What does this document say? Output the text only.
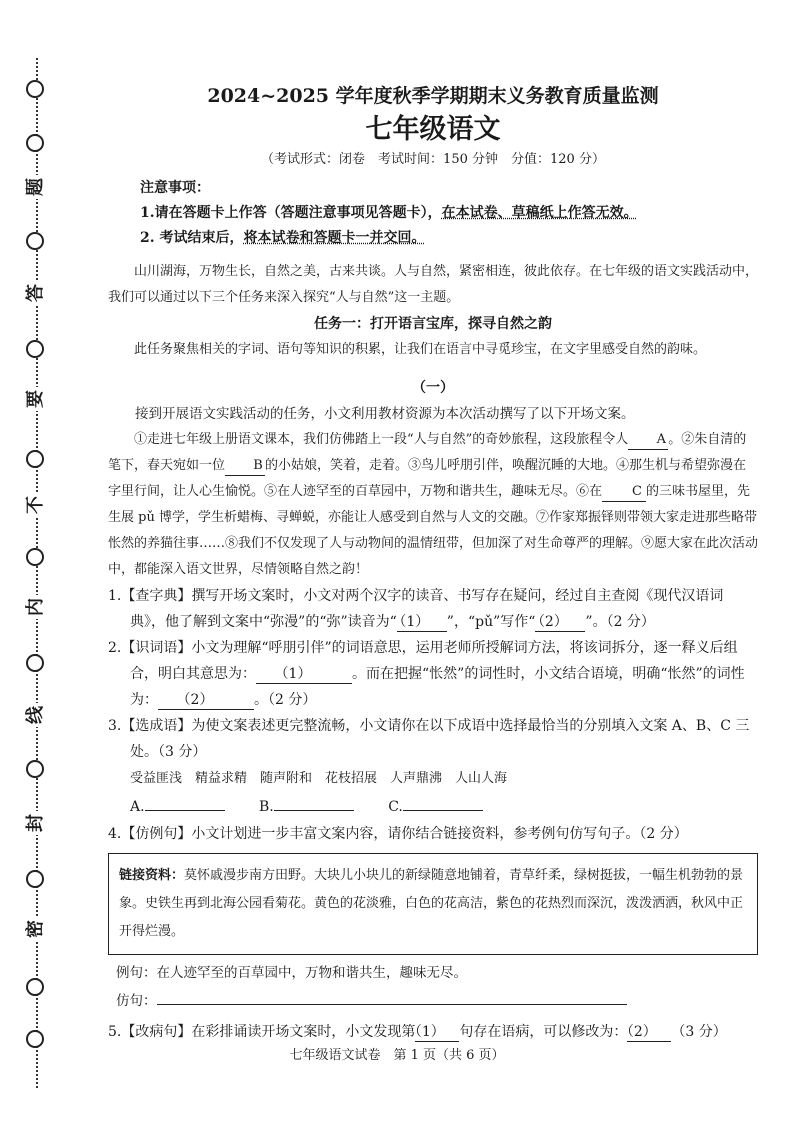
题
答
要
不
内
线
封
密
2024~2025 学年度秋季学期期末义务教育质量监测
七年级语文
（考试形式：闭卷　考试时间：150 分钟　分值：120 分）
注意事项：
1.请在答题卡上作答（答题注意事项见答题卡），在本试卷、草稿纸上作答无效。
2. 考试结束后，将本试卷和答题卡一并交回。

山川湖海，万物生长，自然之美，古来共谈。人与自然，紧密相连，彼此依存。在七年级的语文实践活动中，我们可以通过以下三个任务来深入探究“人与自然”这一主题。

任务一：打开语言宝库，探寻自然之韵

此任务聚焦相关的字词、语句等知识的积累，让我们在语言中寻觅珍宝，在文字里感受自然的韵味。

（一）

接到开展语文实践活动的任务，小文利用教材资源为本次活动撰写了以下开场文案。

①走进七年级上册语文课本，我们仿佛踏上一段“人与自然”的奇妙旅程，这段旅程令人 A 。②朱自清的笔下，春天宛如一位 B 的小姑娘，笑着，走着。③鸟儿呼朋引伴，唤醒沉睡的大地。④那生机与希望弥漫在字里行间，让人心生愉悦。⑤在人迹罕至的百草园中，万物和谐共生，趣味无尽。⑥在 C 的三味书屋里，先生展 pǔ 博学，学生析蜡梅、寻蝉蜕，亦能让人感受到自然与人文的交融。⑦作家郑振铎则带领大家走进那些略带怅然的养猫往事……⑧我们不仅发现了人与动物间的温情纽带，但加深了对生命尊严的理解。⑨愿大家在此次活动中，都能深入语文世界，尽情领略自然之韵！

1.【查字典】撰写开场文案时，小文对两个汉字的读音、书写存在疑问，经过自主查阅《现代汉语词典》，他了解到文案中“弥漫”的“弥”读音为“（1） ”，“pǔ”写作“（2） ”。（2 分）

2.【识词语】小文为理解“呼朋引伴”的词语意思，运用老师所授解词方法，将该词拆分，逐一释义后组合，明白其意思为： （1）	。而在把握“怅然”的词性时，小文结合语境，明确“怅然”的词性为： （2）	。（2 分）

3.【选成语】为使文案表述更完整流畅，小文请你在以下成语中选择最恰当的分别填入文案 A、B、C 三处。（3 分）

受益匪浅　精益求精　随声附和　花枝招展　人声鼎沸　人山人海
A.	B.	C.

4.【仿例句】小文计划进一步丰富文案内容，请你结合链接资料，参考例句仿写句子。（2 分）

链接资料：莫怀戚漫步南方田野。大块儿小块儿的新绿随意地铺着，青草纤柔，绿树挺拔，一幅生机勃勃的景象。史铁生再到北海公园看菊花。黄色的花淡雅，白色的花高洁，紫色的花热烈而深沉，泼泼洒洒，秋风中正开得烂漫。
例句：在人迹罕至的百草园中，万物和谐共生，趣味无尽。
仿句：

5.【改病句】在彩排诵读开场文案时，小文发现第（1） 句存在语病，可以修改为：（2） （3 分）

七年级语文试卷　第 1 页（共 6 页）
